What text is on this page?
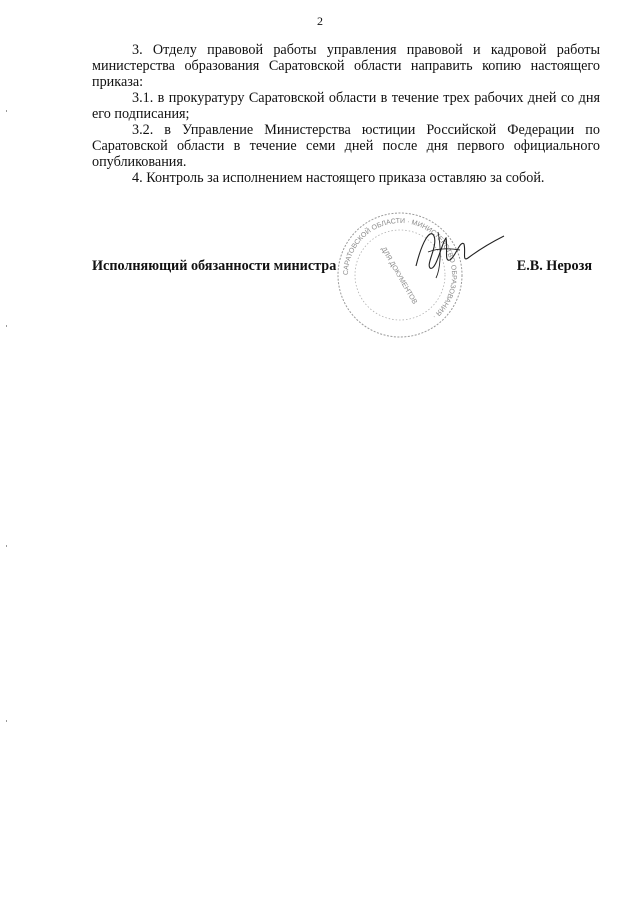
2

3. Отделу правовой работы управления правовой и кадровой работы министерства образования Саратовской области направить копию настоящего приказа:

3.1. в прокуратуру Саратовской области в течение трех рабочих дней со дня его подписания;

3.2. в Управление Министерства юстиции Российской Федерации по Саратовской области в течение семи дней после дня первого официального опубликования.

4. Контроль за исполнением настоящего приказа оставляю за собой.

САРАТОВСКОЙ ОБЛАСТИ · МИНИСТЕРСТВО ОБРАЗОВАНИЯ ·
ДЛЯ ДОКУМЕНТОВ
Исполняющий обязанности министра	Е.В. Нерозя
